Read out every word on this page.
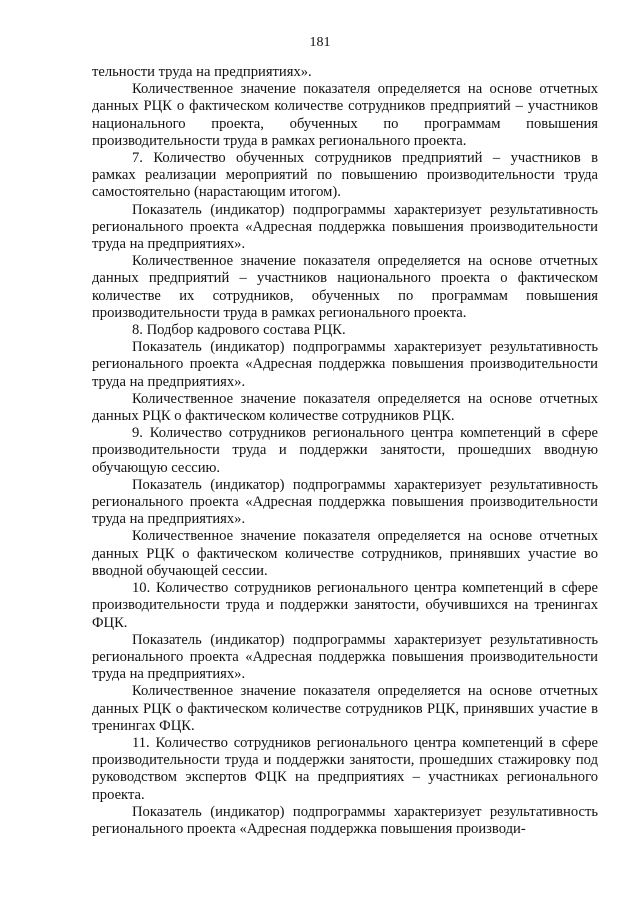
181

тельности труда на предприятиях».

Количественное значение показателя определяется на основе отчетных данных РЦК о фактическом количестве сотрудников предприятий – участников национального проекта, обученных по программам повышения производительности труда в рамках регионального проекта.

7. Количество обученных сотрудников предприятий – участников в рамках реализации мероприятий по повышению производительности труда самостоятельно (нарастающим итогом).

Показатель (индикатор) подпрограммы характеризует результативность регионального проекта «Адресная поддержка повышения производительности труда на предприятиях».

Количественное значение показателя определяется на основе отчетных данных предприятий – участников национального проекта о фактическом количестве их сотрудников, обученных по программам повышения производительности труда в рамках регионального проекта.

8. Подбор кадрового состава РЦК.

Показатель (индикатор) подпрограммы характеризует результативность регионального проекта «Адресная поддержка повышения производительности труда на предприятиях».

Количественное значение показателя определяется на основе отчетных данных РЦК о фактическом количестве сотрудников РЦК.

9. Количество сотрудников регионального центра компетенций в сфере производительности труда и поддержки занятости, прошедших вводную обучающую сессию.

Показатель (индикатор) подпрограммы характеризует результативность регионального проекта «Адресная поддержка повышения производительности труда на предприятиях».

Количественное значение показателя определяется на основе отчетных данных РЦК о фактическом количестве сотрудников, принявших участие во вводной обучающей сессии.

10. Количество сотрудников регионального центра компетенций в сфере производительности труда и поддержки занятости, обучившихся на тренингах ФЦК.

Показатель (индикатор) подпрограммы характеризует результативность регионального проекта «Адресная поддержка повышения производительности труда на предприятиях».

Количественное значение показателя определяется на основе отчетных данных РЦК о фактическом количестве сотрудников РЦК, принявших участие в тренингах ФЦК.

11. Количество сотрудников регионального центра компетенций в сфере производительности труда и поддержки занятости, прошедших стажировку под руководством экспертов ФЦК на предприятиях – участниках регионального проекта.

Показатель (индикатор) подпрограммы характеризует результативность регионального проекта «Адресная поддержка повышения производи-
